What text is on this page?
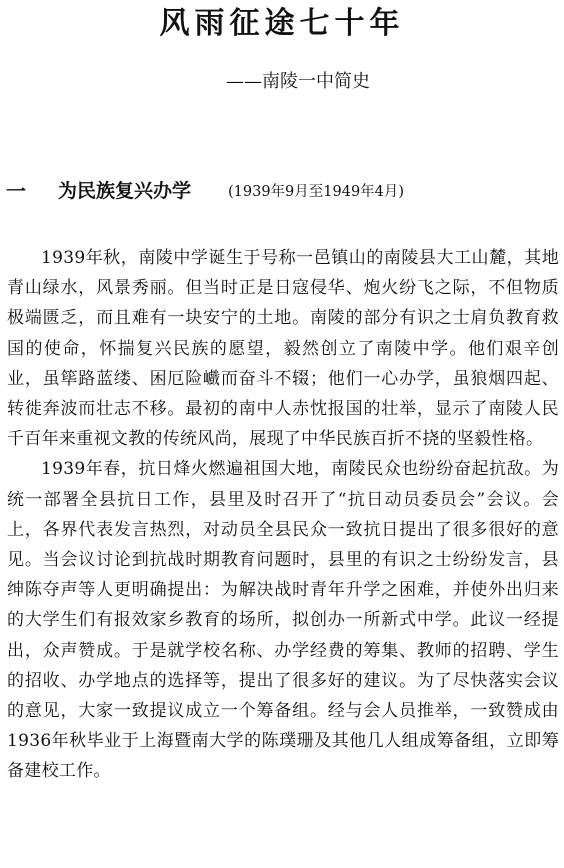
风雨征途七十年
——南陵一中简史
一 为民族复兴办学	(1939年9月至1949年4月)

1939年秋，南陵中学诞生于号称一邑镇山的南陵县大工山麓，其地青山绿水，风景秀丽。但当时正是日寇侵华、炮火纷飞之际，不但物质极端匮乏，而且难有一块安宁的土地。南陵的部分有识之士肩负教育救国的使命，怀揣复兴民族的愿望，毅然创立了南陵中学。他们艰辛创业，虽筚路蓝缕、困厄险巇而奋斗不辍；他们一心办学，虽狼烟四起、转徙奔波而壮志不移。最初的南中人赤忱报国的壮举，显示了南陵人民千百年来重视文教的传统风尚，展现了中华民族百折不挠的坚毅性格。

1939年春，抗日烽火燃遍祖国大地，南陵民众也纷纷奋起抗敌。为统一部署全县抗日工作，县里及时召开了“抗日动员委员会”会议。会上，各界代表发言热烈，对动员全县民众一致抗日提出了很多很好的意见。当会议讨论到抗战时期教育问题时，县里的有识之士纷纷发言，县绅陈夺声等人更明确提出：为解决战时青年升学之困难，并使外出归来的大学生们有报效家乡教育的场所，拟创办一所新式中学。此议一经提出，众声赞成。于是就学校名称、办学经费的筹集、教师的招聘、学生的招收、办学地点的选择等，提出了很多好的建议。为了尽快落实会议的意见，大家一致提议成立一个筹备组。经与会人员推举，一致赞成由1936年秋毕业于上海暨南大学的陈璞珊及其他几人组成筹备组，立即筹备建校工作。
